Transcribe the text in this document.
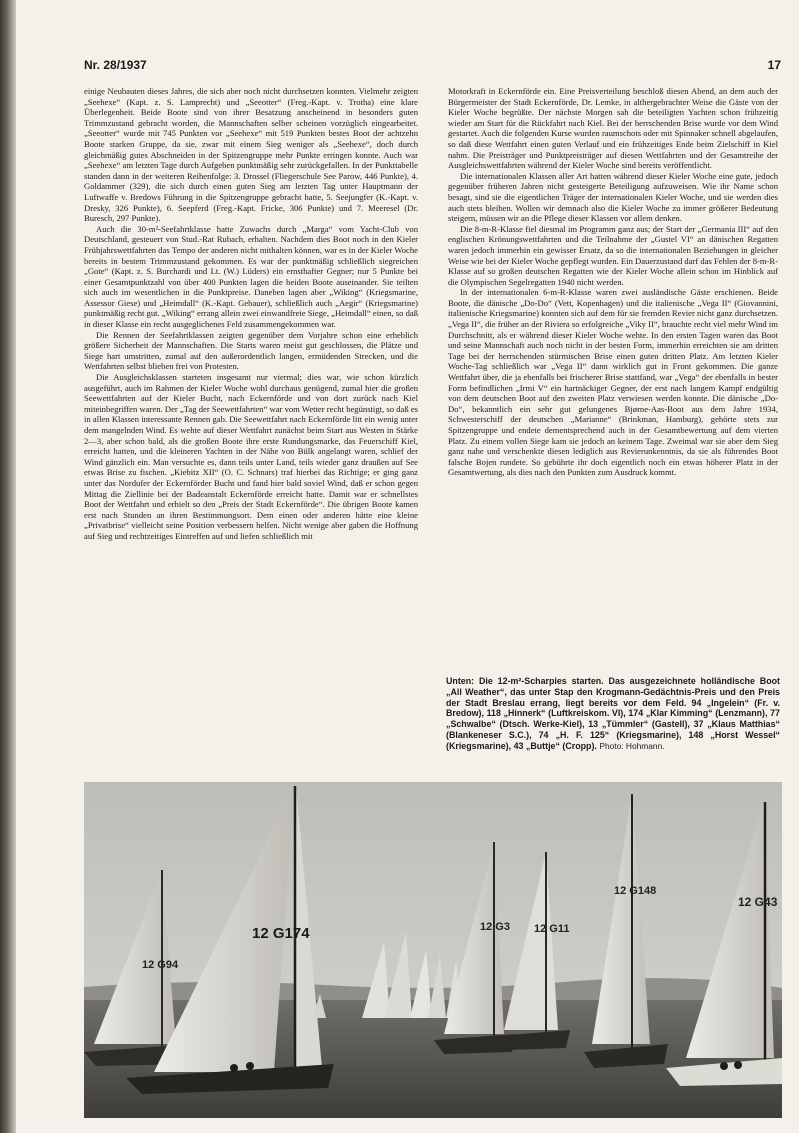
Nr. 28/1937	17

einige Neubauten dieses Jahres, die sich aber noch nicht durchsetzen konnten. Vielmehr zeigten „Seehexe“ (Kapt. z. S. Lamprecht) und „Seeotter“ (Freg.-Kapt. v. Trotha) eine klare Überlegenheit. Beide Boote sind von ihrer Besatzung anscheinend in besonders guten Trimmzustand gebracht worden, die Mannschaften selber scheinen vorzüglich eingearbeitet. „Seeotter“ wurde mit 745 Punkten vor „Seehexe“ mit 519 Punkten bestes Boot der achtzehn Boote starken Gruppe, da sie, zwar mit einem Sieg weniger als „Seehexe“, doch durch gleichmäßig gutes Abschneiden in der Spitzengruppe mehr Punkte erringen konnte. Auch war „Seehexe“ am letzten Tage durch Aufgeben punktmäßig sehr zurückgefallen. In der Punkttabelle standen dann in der weiteren Reihenfolge: 3. Drossel (Fliegerschule See Parow, 446 Punkte), 4. Goldammer (329), die sich durch einen guten Sieg am letzten Tag unter Hauptmann der Luftwaffe v. Bredows Führung in die Spitzengruppe gebracht hatte, 5. Seejungfer (K.-Kapt. v. Dresky, 326 Punkte), 6. Seepferd (Freg.-Kapt. Fricke, 306 Punkte) und 7. Meeresel (Dr. Buresch, 297 Punkte).

Auch die 30-m²-Seefahrtklasse hatte Zuwachs durch „Marga“ vom Yacht-Club von Deutschland, gesteuert von Stud.-Rat Rubach, erhalten. Nachdem dies Boot noch in den Kieler Frühjahrswettfahrten das Tempo der anderen nicht mithalten können, war es in der Kieler Woche bereits in bestem Trimmzustand gekommen. Es war der punktmäßig schließlich siegreichen „Gote“ (Kapt. z. S. Burchardi und Lt. (W.) Lüders) ein ernsthafter Gegner; nur 5 Punkte bei einer Gesamtpunktzahl von über 400 Punkten lagen die beiden Boote auseinander. Sie teilten sich auch im wesentlichen in die Punktpreise. Daneben lagen aber „Wiking“ (Kriegsmarine, Assessor Giese) und „Heimdall“ (K.-Kapt. Gebauer), schließlich auch „Aegir“ (Kriegsmarine) punktmäßig recht gut. „Wiking“ errang allein zwei einwandfreie Siege, „Heimdall“ einen, so daß in dieser Klasse ein recht ausgeglichenes Feld zusammengekommen war.

Die Rennen der Seefahrtklassen zeigten gegenüber dem Vorjahre schon eine erheblich größere Sicherheit der Mannschaften. Die Starts waren meist gut geschlossen, die Plätze und Siege hart umstritten, zumal auf den außerordentlich langen, ermüdenden Strecken, und die Wettfahrten selbst blieben frei von Protesten.

Die Ausgleichsklassen starteten insgesamt nur viermal; dies war, wie schon kürzlich ausgeführt, auch im Rahmen der Kieler Woche wohl durchaus genügend, zumal hier die großen Seewettfahrten auf der Kieler Bucht, nach Eckernförde und von dort zurück nach Kiel miteinbegriffen waren. Der „Tag der Seewettfahrten“ war vom Wetter recht begünstigt, so daß es in allen Klassen interessante Rennen gab. Die Seewettfahrt nach Eckernförde litt ein wenig unter dem mangelnden Wind. Es wehte auf dieser Wettfahrt zunächst beim Start aus Westen in Stärke 2—3, aber schon bald, als die großen Boote ihre erste Rundungsmarke, das Feuerschiff Kiel, erreicht hatten, und die kleineren Yachten in der Nähe von Bülk angelangt waren, schlief der Wind gänzlich ein. Man versuchte es, dann teils unter Land, teils wieder ganz draußen auf See etwas Brise zu fischen. „Kiebitz XII“ (O. C. Schnars) traf hierbei das Richtige; er ging ganz unter das Nordufer der Eckernförder Bucht und fand hier bald soviel Wind, daß er schon gegen Mittag die Ziellinie bei der Badeanstalt Eckernförde erreicht hatte. Damit war er schnellstes Boot der Wettfahrt und erhielt so den „Preis der Stadt Eckernförde“. Die übrigen Boote kamen erst nach Stunden an ihren Bestimmungsort. Dem einen oder anderen hätte eine kleine „Privatbrise“ vielleicht seine Position verbessern helfen. Nicht wenige aber gaben die Hoffnung auf Sieg und rechtzeitiges Eintreffen auf und liefen schließlich mit

Motorkraft in Eckernförde ein. Eine Preisverteilung beschloß diesen Abend, an dem auch der Bürgermeister der Stadt Eckernförde, Dr. Lemke, in althergebrachter Weise die Gäste von der Kieler Woche begrüßte. Der nächste Morgen sah die beteiligten Yachten schon frühzeitig wieder am Start für die Rückfahrt nach Kiel. Bei der herrschenden Brise wurde vor dem Wind gestartet. Auch die folgenden Kurse wurden raumschots oder mit Spinnaker schnell abgelaufen, so daß diese Wettfahrt einen guten Verlauf und ein frühzeitiges Ende beim Zielschiff in Kiel nahm. Die Preisträger und Punktpreisträger auf diesen Wettfahrten und der Gesamtreihe der Ausgleichswettfahrten während der Kieler Woche sind bereits veröffentlicht.

Die internationalen Klassen aller Art hatten während dieser Kieler Woche eine gute, jedoch gegenüber früheren Jahren nicht gesteigerte Beteiligung aufzuweisen. Wie ihr Name schon besagt, sind sie die eigentlichen Träger der internationalen Kieler Woche, und sie werden dies auch stets bleiben. Wollen wir demnach also die Kieler Woche zu immer größerer Bedeutung steigern, müssen wir an die Pflege dieser Klassen vor allem denken.

Die 8-m-R-Klasse fiel diesmal im Programm ganz aus; der Start der „Germania III“ auf den englischen Krönungswettfahrten und die Teilnahme der „Gustel VI“ an dänischen Regatten waren jedoch immerhin ein gewisser Ersatz, da so die internationalen Beziehungen in gleicher Weise wie bei der Kieler Woche gepflegt wurden. Ein Dauerzustand darf das Fehlen der 8-m-R-Klasse auf so großen deutschen Regatten wie der Kieler Woche allein schon im Hinblick auf die Olympischen Segelregatten 1940 nicht werden.

In der internationalen 6-m-R-Klasse waren zwei ausländische Gäste erschienen. Beide Boote, die dänische „Do-Do“ (Vett, Kopenhagen) und die italienische „Vega II“ (Giovannini, italienische Kriegsmarine) konnten sich auf dem für sie fremden Revier nicht ganz durchsetzen. „Vega II“, die früher an der Riviera so erfolgreiche „Viky II“, brauchte recht viel mehr Wind im Durchschnitt, als er während dieser Kieler Woche wehte. In den ersten Tagen waren das Boot und seine Mannschaft auch noch nicht in der besten Form, immerhin erreichten sie am dritten Tage bei der herrschenden stürmischen Brise einen guten dritten Platz. Am letzten Kieler Woche-Tag schließlich war „Vega II“ dann wirklich gut in Front gekommen. Die ganze Wettfahrt über, die ja ebenfalls bei frischerer Brise stattfand, war „Vega“ der ebenfalls in bester Form befindlichen „Irmi V“ ein hartnäckiger Gegner, der erst nach langem Kampf endgültig von dem deutschen Boot auf den zweiten Platz verwiesen werden konnte. Die dänische „Do-Do“, bekanntlich ein sehr gut gelungenes Bjørne-Aas-Boot aus dem Jahre 1934, Schwesterschiff der deutschen „Marianne“ (Brinkman, Hamburg), gehörte stets zur Spitzengruppe und endete dementsprechend auch in der Gesamtbewertung auf dem vierten Platz. Zu einem vollen Siege kam sie jedoch an keinem Tage. Zweimal war sie aber dem Sieg ganz nahe und verschenkte diesen lediglich aus Revierunkenntnis, da sie als führendes Boot falsche Bojen rundete. So gebührte ihr doch eigentlich noch ein etwas höherer Platz in der Gesamtwertung, als dies nach den Punkten zum Ausdruck kommt.

Unten: Die 12-m²-Scharpies starten. Das ausgezeichnete holländische Boot „All Weather“, das unter Stap den Krogmann-Gedächtnis-Preis und den Preis der Stadt Breslau errang, liegt bereits vor dem Feld. 94 „Ingelein“ (Fr. v. Bredow), 118 „Hinnerk“ (Luftkreiskom. VI), 174 „Klar Kimming“ (Lenzmann), 77 „Schwalbe“ (Dtsch. Werke-Kiel), 13 „Tümmler“ (Gastell), 37 „Klaus Matthias“ (Blankeneser S.C.), 74 „H. F. 125“ (Kriegsmarine), 148 „Horst Wessel“ (Kriegsmarine), 43 „Buttje“ (Cropp). Photo: Hohmann.
12 G94
12 G174	12 G3 12 G11
12 G148
12 G43
